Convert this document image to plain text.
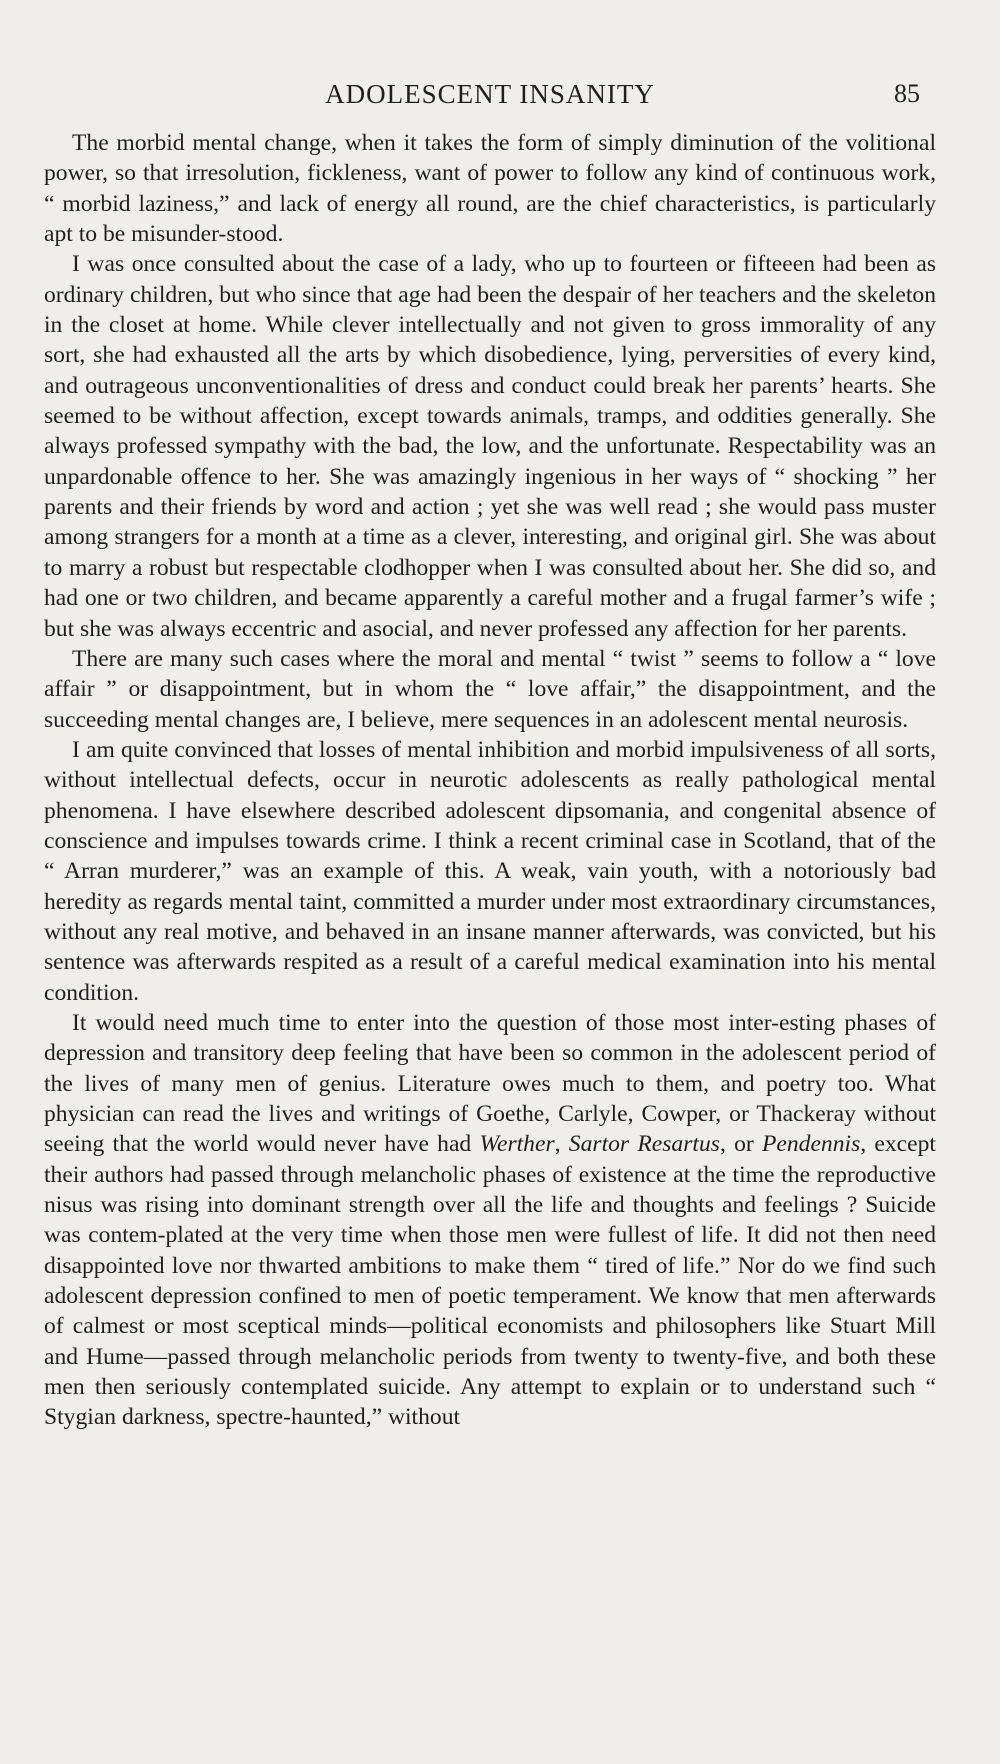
ADOLESCENT INSANITY	85

The morbid mental change, when it takes the form of simply diminution of the volitional power, so that irresolution, fickleness, want of power to follow any kind of continuous work, “ morbid laziness,” and lack of energy all round, are the chief characteristics, is particularly apt to be misunder-stood.

I was once consulted about the case of a lady, who up to fourteen or fifteeen had been as ordinary children, but who since that age had been the despair of her teachers and the skeleton in the closet at home. While clever intellectually and not given to gross immorality of any sort, she had exhausted all the arts by which disobedience, lying, perversities of every kind, and outrageous unconventionalities of dress and conduct could break her parents’ hearts. She seemed to be without affection, except towards animals, tramps, and oddities generally. She always professed sympathy with the bad, the low, and the unfortunate. Respectability was an unpardonable offence to her. She was amazingly ingenious in her ways of “ shocking ” her parents and their friends by word and action ; yet she was well read ; she would pass muster among strangers for a month at a time as a clever, interesting, and original girl. She was about to marry a robust but respectable clodhopper when I was consulted about her. She did so, and had one or two children, and became apparently a careful mother and a frugal farmer’s wife ; but she was always eccentric and asocial, and never professed any affection for her parents.

There are many such cases where the moral and mental “ twist ” seems to follow a “ love affair ” or disappointment, but in whom the “ love affair,” the disappointment, and the succeeding mental changes are, I believe, mere sequences in an adolescent mental neurosis.

I am quite convinced that losses of mental inhibition and morbid impulsiveness of all sorts, without intellectual defects, occur in neurotic adolescents as really pathological mental phenomena. I have elsewhere described adolescent dipsomania, and congenital absence of conscience and impulses towards crime. I think a recent criminal case in Scotland, that of the “ Arran murderer,” was an example of this. A weak, vain youth, with a notoriously bad heredity as regards mental taint, committed a murder under most extraordinary circumstances, without any real motive, and behaved in an insane manner afterwards, was convicted, but his sentence was afterwards respited as a result of a careful medical examination into his mental condition.

It would need much time to enter into the question of those most inter-esting phases of depression and transitory deep feeling that have been so common in the adolescent period of the lives of many men of genius. Literature owes much to them, and poetry too. What physician can read the lives and writings of Goethe, Carlyle, Cowper, or Thackeray without seeing that the world would never have had Werther, Sartor Resartus, or Pendennis, except their authors had passed through melancholic phases of existence at the time the reproductive nisus was rising into dominant strength over all the life and thoughts and feelings ? Suicide was contem-plated at the very time when those men were fullest of life. It did not then need disappointed love nor thwarted ambitions to make them “ tired of life.” Nor do we find such adolescent depression confined to men of poetic temperament. We know that men afterwards of calmest or most sceptical minds—political economists and philosophers like Stuart Mill and Hume—passed through melancholic periods from twenty to twenty-five, and both these men then seriously contemplated suicide. Any attempt to explain or to understand such “ Stygian darkness, spectre-haunted,” without
